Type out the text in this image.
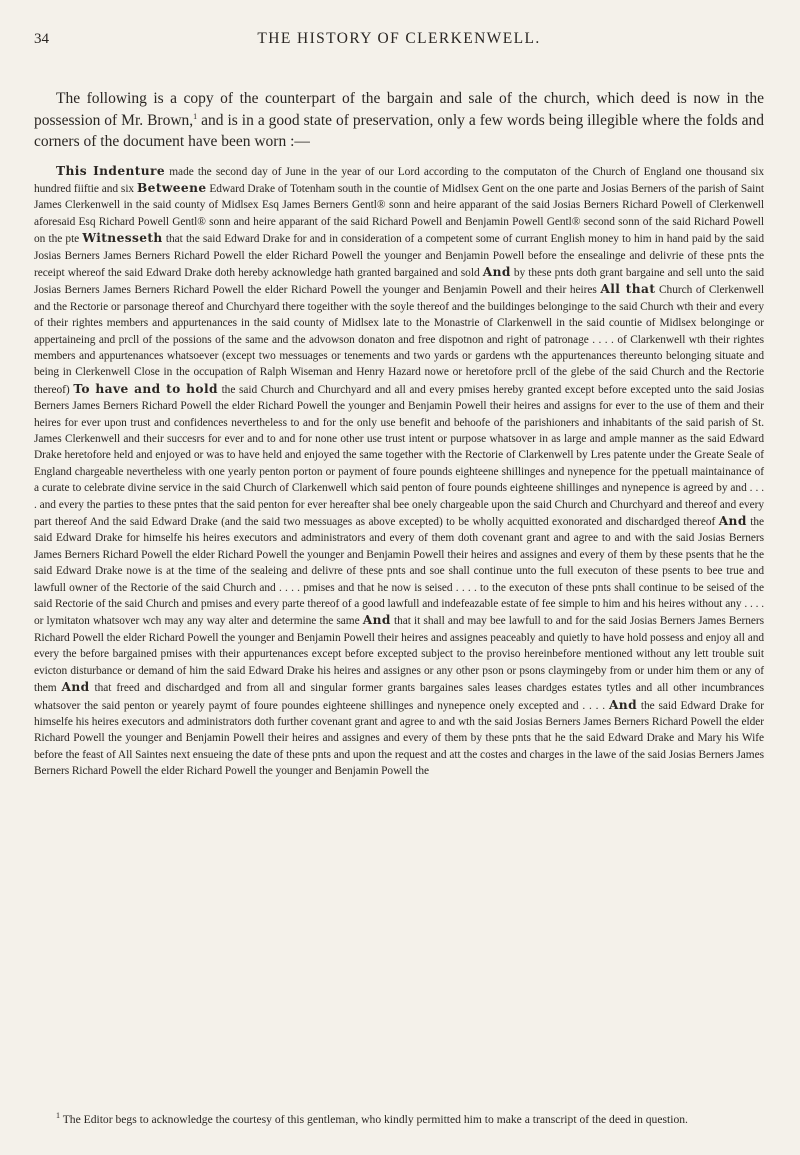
34	THE HISTORY OF CLERKENWELL.

The following is a copy of the counterpart of the bargain and sale of the church, which deed is now in the possession of Mr. Brown,$^1$ and is in a good state of preservation, only a few words being illegible where the folds and corners of the document have been worn :—

This Indenture made the second day of June in the year of our Lord according to the computaton of the Church of England one thousand six hundred fiiftie and six Betweene Edward Drake of Totenham south in the countie of Midlsex Gent on the one parte and Josias Berners of the parish of Saint James Clerkenwell in the said county of Midlsex Esq James Berners Gentl® sonn and heire apparant of the said Josias Berners Richard Powell of Clerkenwell aforesaid Esq Richard Powell Gentl® sonn and heire apparant of the said Richard Powell and Benjamin Powell Gentl® second sonn of the said Richard Powell on the pte Witnesseth that the said Edward Drake for and in consideration of a competent some of currant English money to him in hand paid by the said Josias Berners James Berners Richard Powell the elder Richard Powell the younger and Benjamin Powell before the ensealinge and delivrie of these pnts the receipt whereof the said Edward Drake doth hereby acknowledge hath granted bargained and sold And by these pnts doth grant bargaine and sell unto the said Josias Berners James Berners Richard Powell the elder Richard Powell the younger and Benjamin Powell and their heires All that Church of Clerkenwell and the Rectorie or parsonage thereof and Churchyard there togeither with the soyle thereof and the buildinges belonginge to the said Church wth their and every of their rightes members and appurtenances in the said county of Midlsex late to the Monastrie of Clarkenwell in the said countie of Midlsex belonginge or appertaineing and prcll of the possions of the same and the advowson donaton and free dispotnon and right of patronage . . . . of Clarkenwell wth their rightes members and appurtenances whatsoever (except two messuages or tenements and two yards or gardens wth the appurtenances thereunto belonging situate and being in Clerkenwell Close in the occupation of Ralph Wiseman and Henry Hazard nowe or heretofore prcll of the glebe of the said Church and the Rectorie thereof) To have and to hold the said Church and Churchyard and all and every pmises hereby granted except before excepted unto the said Josias Berners James Berners Richard Powell the elder Richard Powell the younger and Benjamin Powell their heires and assigns for ever to the use of them and their heires for ever upon trust and confidences nevertheless to and for the only use benefit and behoofe of the parishioners and inhabitants of the said parish of St. James Clerkenwell and their succesrs for ever and to and for none other use trust intent or purpose whatsover in as large and ample manner as the said Edward Drake heretofore held and enjoyed or was to have held and enjoyed the same together with the Rectorie of Clarkenwell by Lres patente under the Greate Seale of England chargeable nevertheless with one yearly penton porton or payment of foure pounds eighteene shillinges and nynepence for the ppetuall maintainance of a curate to celebrate divine service in the said Church of Clarkenwell which said penton of foure pounds eighteene shillinges and nynepence is agreed by and . . . . and every the parties to these pntes that the said penton for ever hereafter shal bee onely chargeable upon the said Church and Churchyard and thereof and every part thereof And the said Edward Drake (and the said two messuages as above excepted) to be wholly acquitted exonorated and dischardged thereof And the said Edward Drake for himselfe his heires executors and administrators and every of them doth covenant grant and agree to and with the said Josias Berners James Berners Richard Powell the elder Richard Powell the younger and Benjamin Powell their heires and assignes and every of them by these psents that he the said Edward Drake nowe is at the time of the sealeing and delivre of these pnts and soe shall continue unto the full executon of these psents to bee true and lawfull owner of the Rectorie of the said Church and . . . . pmises and that he now is seised . . . . to the executon of these pnts shall continue to be seised of the said Rectorie of the said Church and pmises and every parte thereof of a good lawfull and indefeazable estate of fee simple to him and his heires without any . . . . or lymitaton whatsover wch may any way alter and determine the same And that it shall and may bee lawfull to and for the said Josias Berners James Berners Richard Powell the elder Richard Powell the younger and Benjamin Powell their heires and assignes peaceably and quietly to have hold possess and enjoy all and every the before bargained pmises with their appurtenances except before excepted subject to the proviso hereinbefore mentioned without any lett trouble suit evicton disturbance or demand of him the said Edward Drake his heires and assignes or any other pson or psons claymingeby from or under him them or any of them And that freed and dischardged and from all and singular former grants bargaines sales leases chardges estates tytles and all other incumbrances whatsover the said penton or yearely paymt of foure poundes eighteene shillinges and nynepence onely excepted and . . . . And the said Edward Drake for himselfe his heires executors and administrators doth further covenant grant and agree to and wth the said Josias Berners James Berners Richard Powell the elder Richard Powell the younger and Benjamin Powell their heires and assignes and every of them by these pnts that he the said Edward Drake and Mary his Wife before the feast of All Saintes next ensueing the date of these pnts and upon the request and att the costes and charges in the lawe of the said Josias Berners James Berners Richard Powell the elder Richard Powell the younger and Benjamin Powell the

$^1$ The Editor begs to acknowledge the courtesy of this gentleman, who kindly permitted him to make a transcript of the deed in question.
